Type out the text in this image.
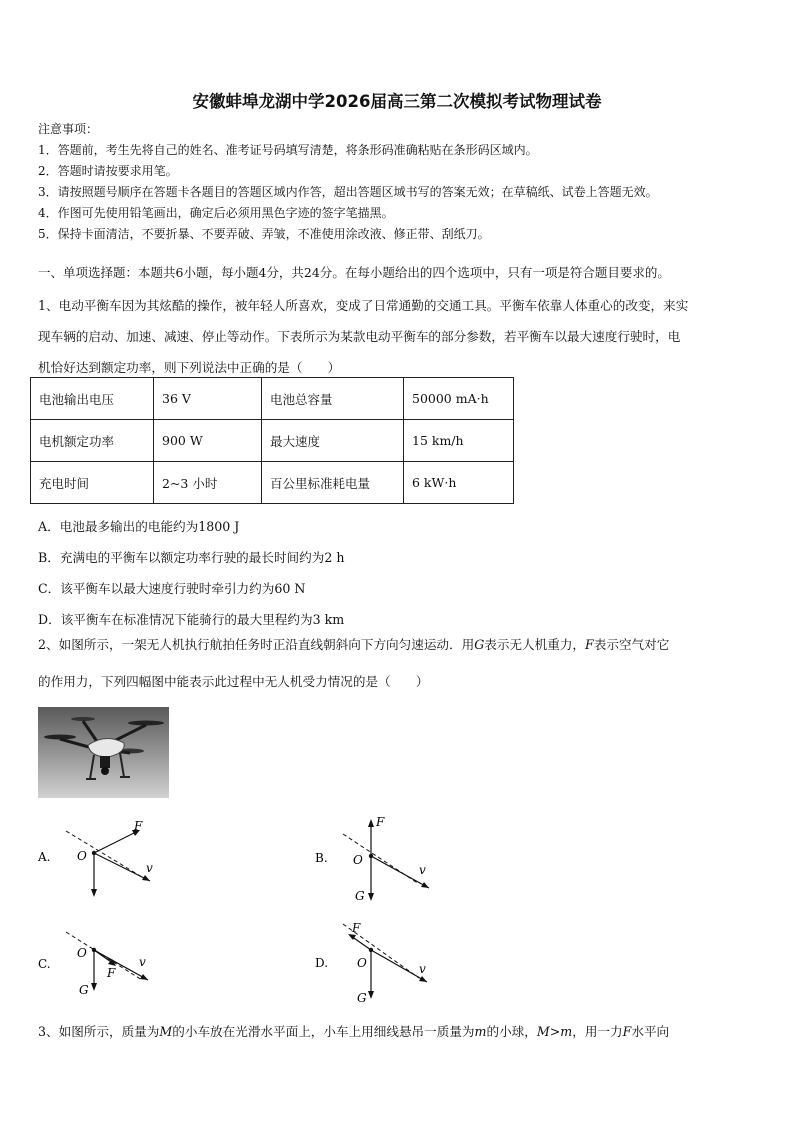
安徽蚌埠龙湖中学2026届高三第二次模拟考试物理试卷
注意事项：
1．答题前，考生先将自己的姓名、准考证号码填写清楚，将条形码准确粘贴在条形码区域内。
2．答题时请按要求用笔。
3．请按照题号顺序在答题卡各题目的答题区域内作答，超出答题区域书写的答案无效；在草稿纸、试卷上答题无效。
4．作图可先使用铅笔画出，确定后必须用黑色字迹的签字笔描黑。
5．保持卡面清洁，不要折暴、不要弄破、弄皱，不准使用涂改液、修正带、刮纸刀。
一、单项选择题：本题共6小题，每小题4分，共24分。在每小题给出的四个选项中，只有一项是符合题目要求的。
1、电动平衡车因为其炫酷的操作，被年轻人所喜欢，变成了日常通勤的交通工具。平衡车依靠人体重心的改变，来实
现车辆的启动、加速、减速、停止等动作。下表所示为某款电动平衡车的部分参数，若平衡车以最大速度行驶时，电
机恰好达到额定功率，则下列说法中正确的是（　　）
电池输出电压	36 V	电池总容量	50000 mA·h
电机额定功率	900 W	最大速度	15 km/h
充电时间	2~3 小时	百公里标准耗电量	6 kW·h
A．电池最多输出的电能约为1800 J
B．充满电的平衡车以额定功率行驶的最长时间约为2 h
C．该平衡车以最大速度行驶时牵引力约为60 N
D．该平衡车在标准情况下能骑行的最大里程约为3 km
2、如图所示，一架无人机执行航拍任务时正沿直线朝斜向下方向匀速运动．用G表示无人机重力，F表示空气对它
的作用力，下列四幅图中能表示此过程中无人机受力情况的是（　　）
A. O
F
v
B. O
F
v
G
C.
O
F
v
G
D. O
F
v
G
3、如图所示，质量为M的小车放在光滑水平面上，小车上用细线悬吊一质量为m的小球，M>m，用一力F水平向
